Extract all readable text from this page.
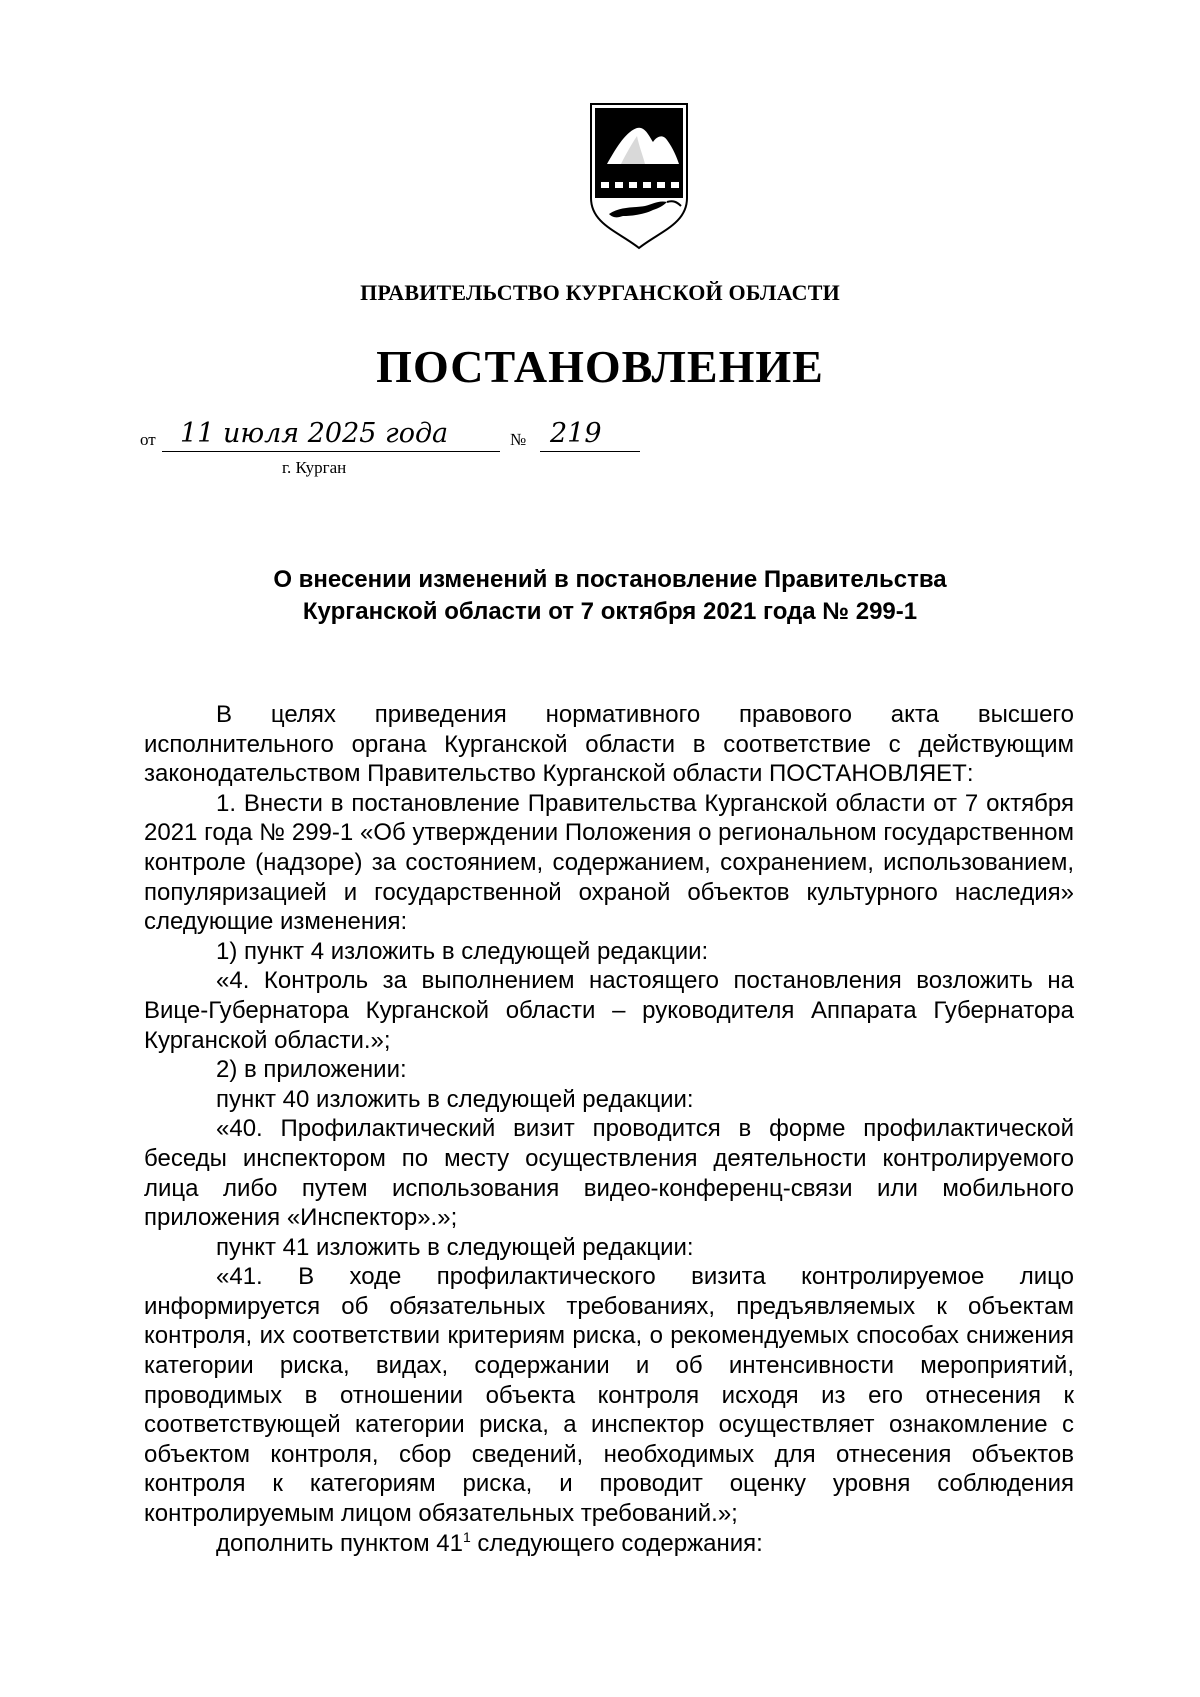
ПРАВИТЕЛЬСТВО КУРГАНСКОЙ ОБЛАСТИ
ПОСТАНОВЛЕНИЕ
от 11 июля 2025 года	№ 219
г. Курган
О внесении изменений в постановление Правительства
Курганской области от 7 октября 2021 года № 299-1

В целях приведения нормативного правового акта высшего исполнительного органа Курганской области в соответствие с действующим законодательством Правительство Курганской области ПОСТАНОВЛЯЕТ:

1. Внести в постановление Правительства Курганской области от 7 октября 2021 года № 299-1 «Об утверждении Положения о региональном государственном контроле (надзоре) за состоянием, содержанием, сохранением, использованием, популяризацией и государственной охраной объектов культурного наследия» следующие изменения:

1) пункт 4 изложить в следующей редакции:

«4. Контроль за выполнением настоящего постановления возложить на Вице-Губернатора Курганской области – руководителя Аппарата Губернатора Курганской области.»;

2) в приложении:

пункт 40 изложить в следующей редакции:

«40. Профилактический визит проводится в форме профилактической беседы инспектором по месту осуществления деятельности контролируемого лица либо путем использования видео-конференц-связи или мобильного приложения «Инспектор».»;

пункт 41 изложить в следующей редакции:

«41. В ходе профилактического визита контролируемое лицо информируется об обязательных требованиях, предъявляемых к объектам контроля, их соответствии критериям риска, о рекомендуемых способах снижения категории риска, видах, содержании и об интенсивности мероприятий, проводимых в отношении объекта контроля исходя из его отнесения к соответствующей категории риска, а инспектор осуществляет ознакомление с объектом контроля, сбор сведений, необходимых для отнесения объектов контроля к категориям риска, и проводит оценку уровня соблюдения контролируемым лицом обязательных требований.»;

дополнить пунктом $41^1$ следующего содержания:
